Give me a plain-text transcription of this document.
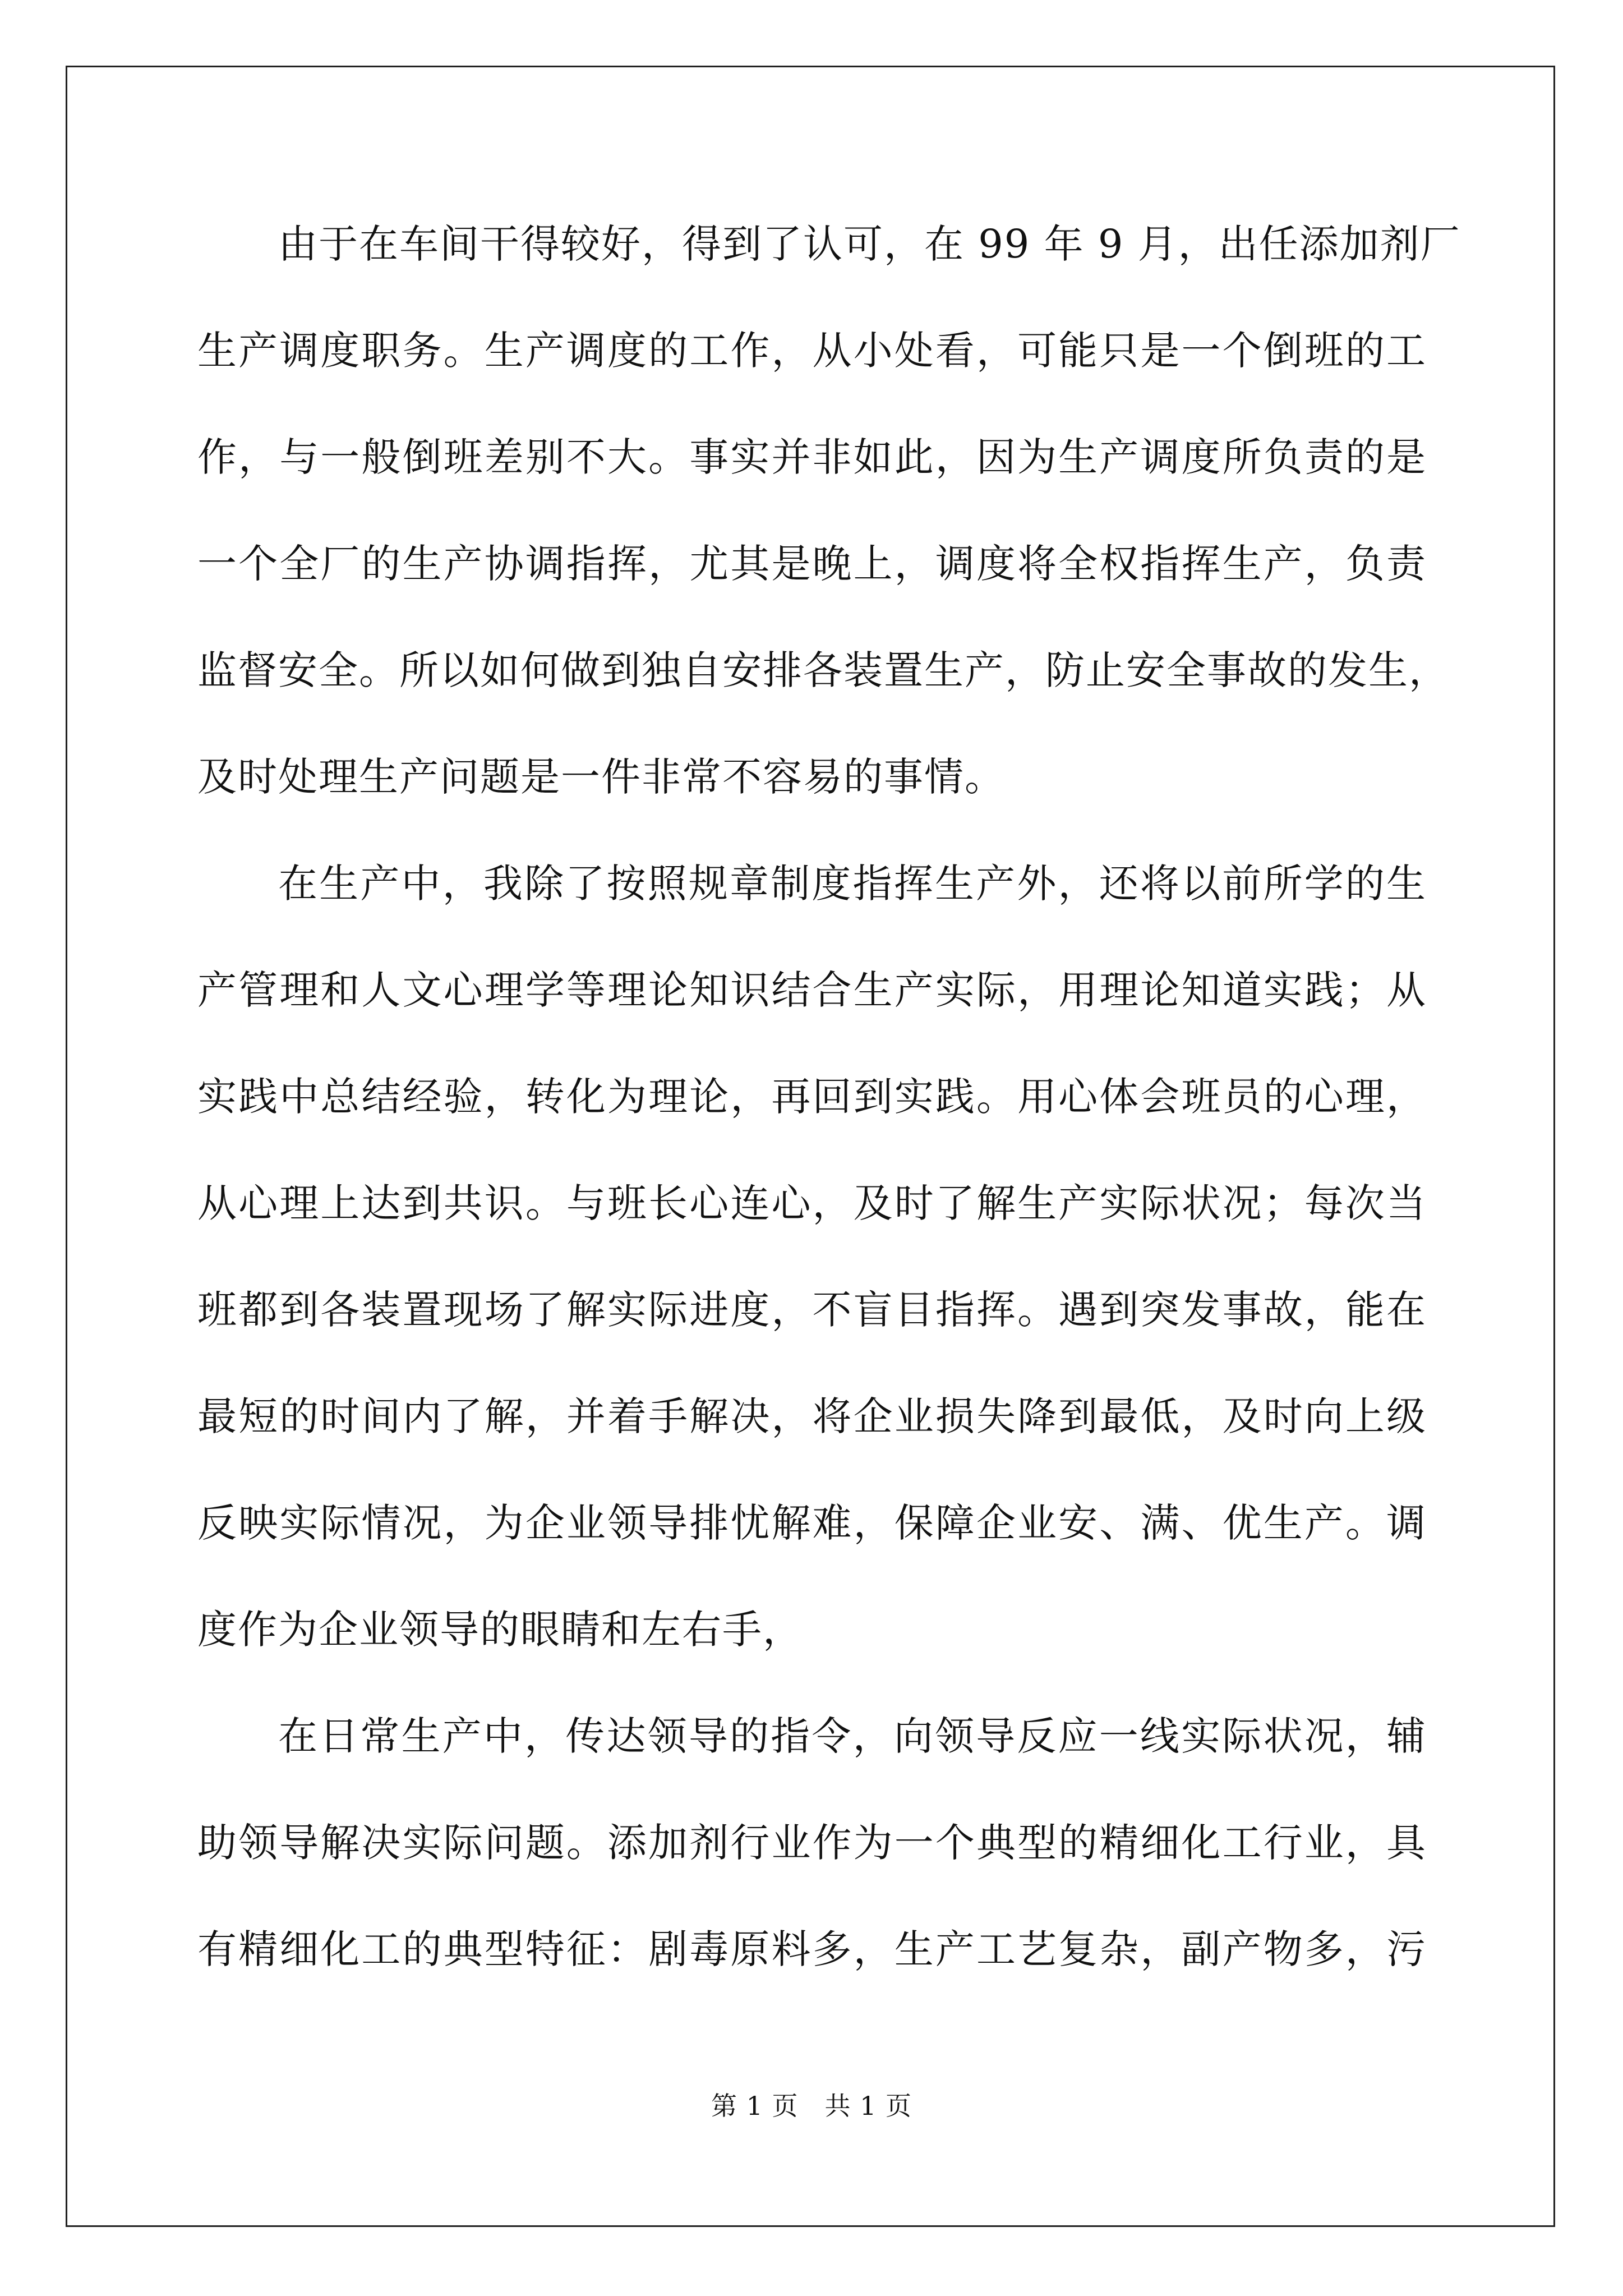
由于在车间干得较好，得到了认可，在 99 年 9 月，出任添加剂厂
生产调度职务。生产调度的工作，从小处看，可能只是一个倒班的工
作，与一般倒班差别不大。事实并非如此，因为生产调度所负责的是
一个全厂的生产协调指挥，尤其是晚上，调度将全权指挥生产，负责
监督安全。所以如何做到独自安排各装置生产，防止安全事故的发生，
及时处理生产问题是一件非常不容易的事情。
在生产中，我除了按照规章制度指挥生产外，还将以前所学的生
产管理和人文心理学等理论知识结合生产实际，用理论知道实践；从
实践中总结经验，转化为理论，再回到实践。用心体会班员的心理，
从心理上达到共识。与班长心连心，及时了解生产实际状况；每次当
班都到各装置现场了解实际进度，不盲目指挥。遇到突发事故，能在
最短的时间内了解，并着手解决，将企业损失降到最低，及时向上级
反映实际情况，为企业领导排忧解难，保障企业安、满、优生产。调
度作为企业领导的眼睛和左右手，
在日常生产中，传达领导的指令，向领导反应一线实际状况，辅
助领导解决实际问题。添加剂行业作为一个典型的精细化工行业，具
有精细化工的典型特征：剧毒原料多，生产工艺复杂，副产物多，污
第 1 页　共 1 页
